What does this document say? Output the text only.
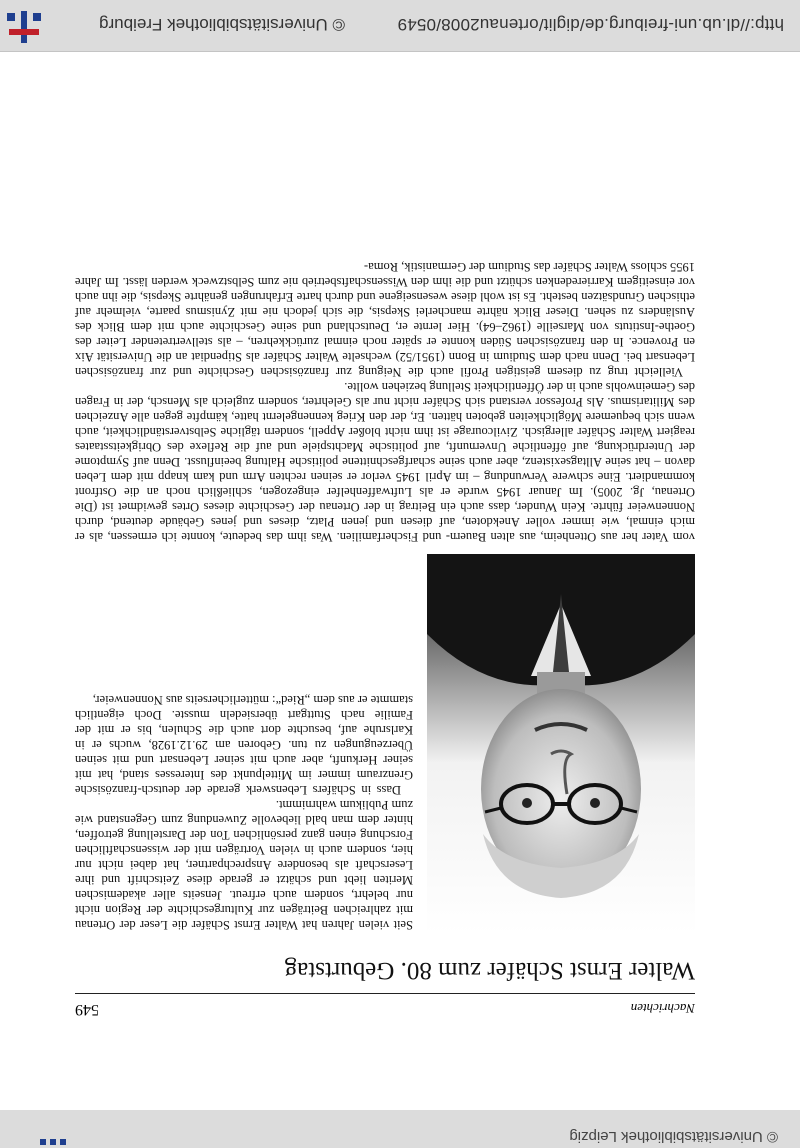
© Universitätsbibliothek Leipzig
549	Nachrichten
Walter Ernst Schäfer zum 80. Geburtstag

Seit vielen Jahren hat Walter Ernst Schäfer die Leser der Ortenau mit zahlreichen Beiträgen zur Kulturgeschichte der Region nicht nur belehrt, sondern auch erfreut. Jenseits aller akademischen Meriten liebt und schätzt er gerade diese Zeitschrift und ihre Leserschaft als besondere Ansprechpartner, hat dabei nicht nur hier, sondern auch in vielen Vorträgen mit der wissenschaftlichen Forschung einen ganz persönlichen Ton der Darstellung getroffen, hinter dem man bald liebevolle Zuwendung zum Gegenstand wie zum Publikum wahrnimmt.

Dass in Schäfers Lebenswerk gerade der deutsch-französische Grenzraum immer im Mittelpunkt des Interesses stand, hat mit seiner Herkunft, aber auch mit seiner Lebensart und mit seinen Überzeugungen zu tun. Geboren am 29.12.1928, wuchs er in Karlsruhe auf, besuchte dort auch die Schulen, bis er mit der Familie nach Stuttgart übersiedeln musste. Doch eigentlich stammte er aus dem „Ried“: mütterlicherseits aus Nonnenweier,

vom Vater her aus Ottenheim, aus alten Bauern- und Fischerfamilien. Was ihm das bedeute, konnte ich ermessen, als er mich einmal, wie immer voller Anekdoten, auf diesen und jenen Platz, dieses und jenes Gebäude deutend, durch Nonnenweier führte. Kein Wunder, dass auch ein Beitrag in der Ortenau der Geschichte dieses Ortes gewidmet ist (Die Ortenau, Jg. 2005). Im Januar 1945 wurde er als Luftwaffenhelfer eingezogen, schließlich noch an die Ostfront kommandiert. Eine schwere Verwundung – im April 1945 verlor er seinen rechten Arm und kam knapp mit dem Leben davon – hat seine Alltagsexistenz, aber auch seine scharfgeschnittene politische Haltung beeinflusst. Denn auf Symptome der Unterdrückung, auf öffentliche Unvernunft, auf politische Machtspiele und auf die Reflexe des Obrigkeitsstaates reagiert Walter Schäfer allergisch. Zivilcourage ist ihm nicht bloßer Appell, sondern tägliche Selbstverständlichkeit, auch wenn sich bequemere Möglichkeiten geboten hätten. Er, der den Krieg kennengelernt hatte, kämpfte gegen alle Anzeichen des Militarismus. Als Professor verstand sich Schäfer nicht nur als Gelehrter, sondern zugleich als Mensch, der in Fragen des Gemeinwohls auch in der Öffentlichkeit Stellung beziehen wollte.

Vielleicht trug zu diesem geistigen Profil auch die Neigung zur französischen Geschichte und zur französischen Lebensart bei. Denn nach dem Studium in Bonn (1951/52) wechselte Walter Schäfer als Stipendiat an die Universität Aix en Provence. In den französischen Süden konnte er später noch einmal zurückkehren, – als stellvertretender Leiter des Goethe-Instituts von Marseille (1962–64). Hier lernte er, Deutschland und seine Geschichte auch mit dem Blick des Ausländers zu sehen. Dieser Blick nährte mancherlei Skepsis, die sich jedoch nie mit Zynismus paarte, vielmehr auf ethischen Grundsätzen besteht. Es ist wohl diese wesenseigene und durch harte Erfahrungen genährte Skepsis, die ihn auch vor einseitigem Karrieredenken schützt und die ihm den Wissenschaftsbetrieb nie zum Selbstzweck werden lässt. Im Jahre 1955 schloss Walter Schäfer das Studium der Germanistik, Roma-

http://dl.ub.uni-freiburg.de/diglit/ortenau2008/0549
© Universitätsbibliothek Freiburg
